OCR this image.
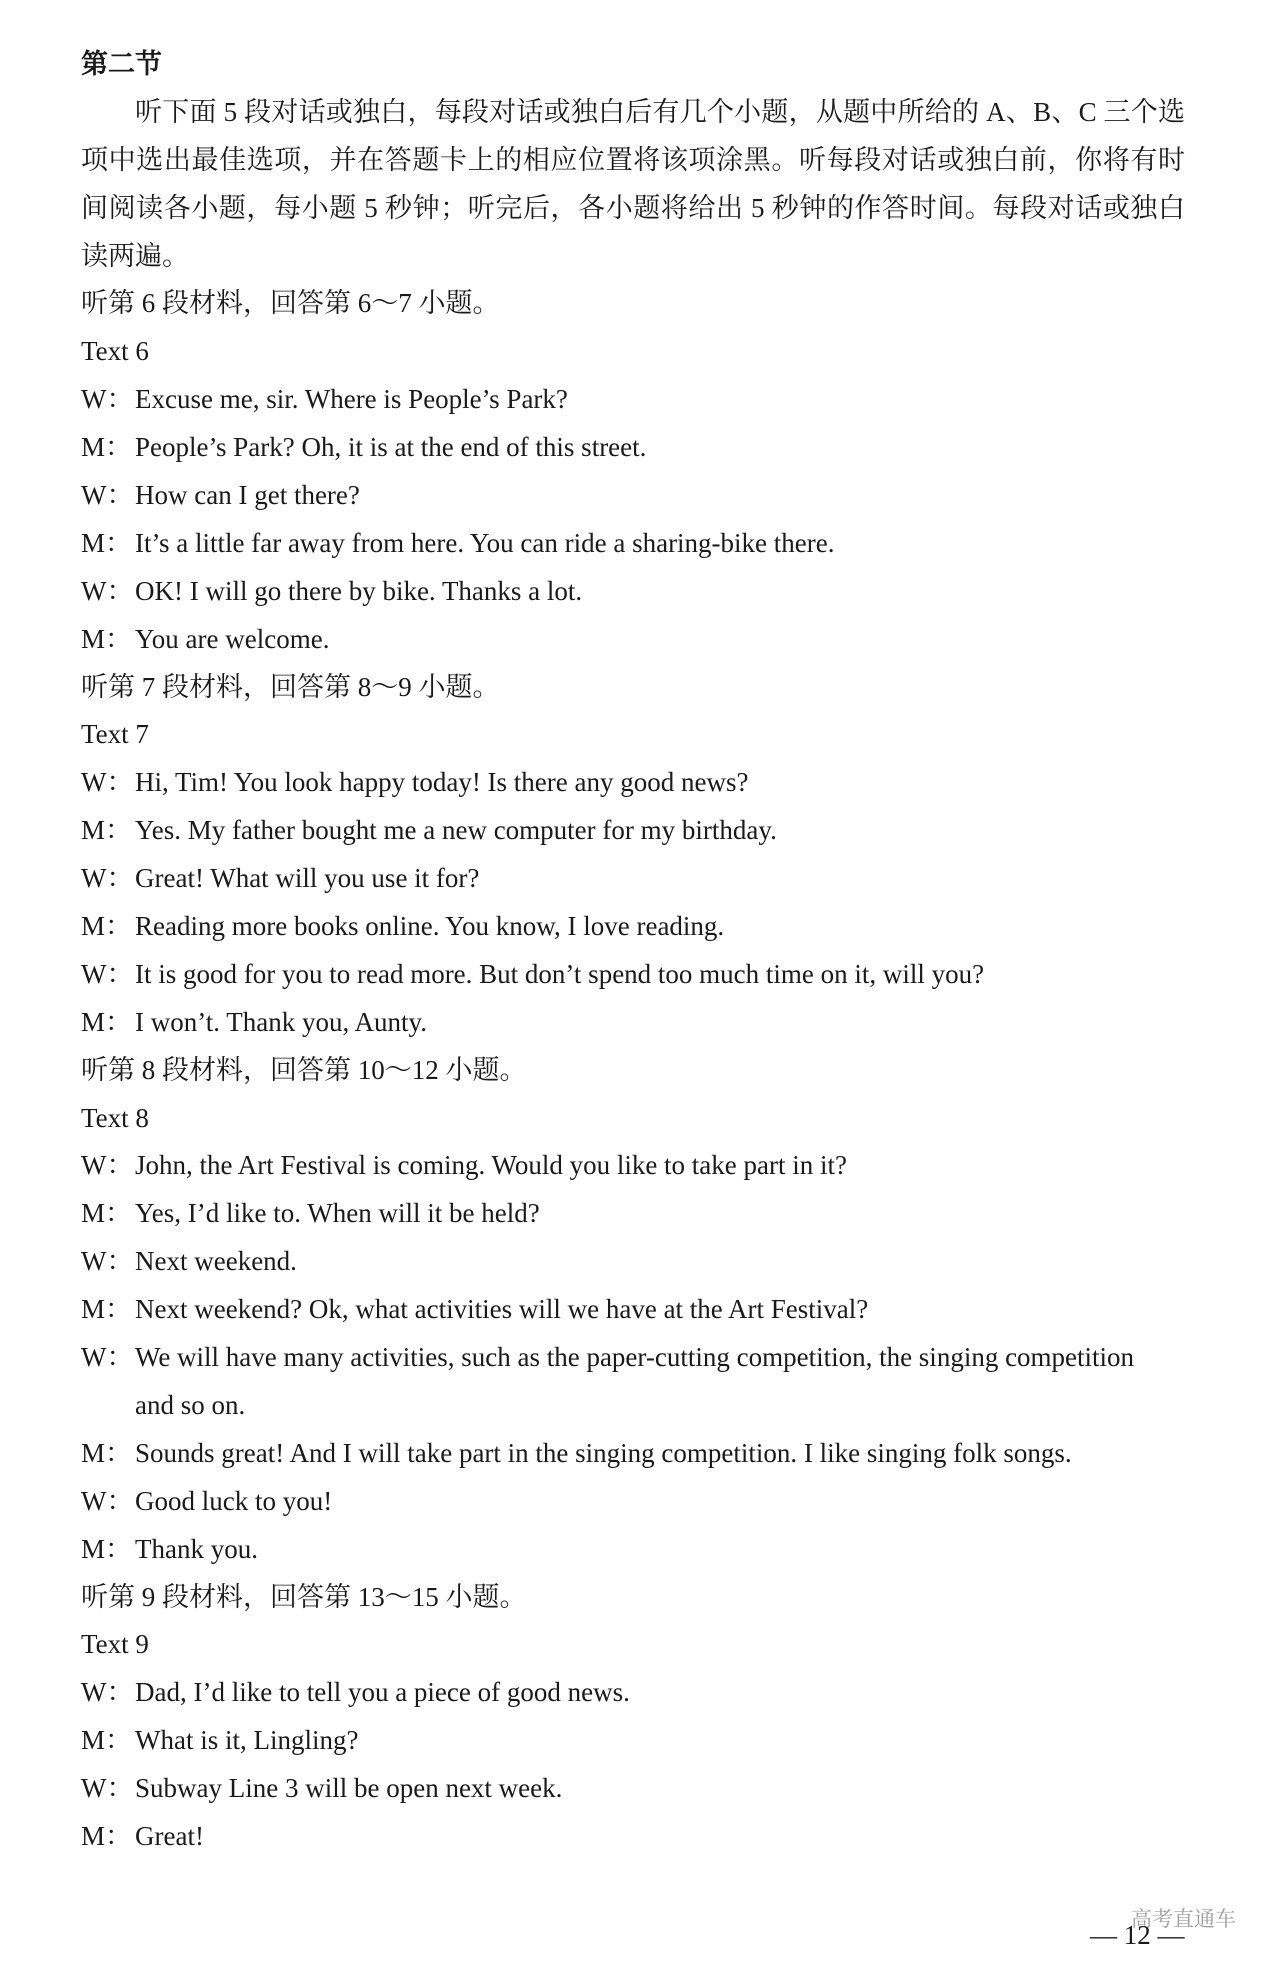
第二节
听下面 5 段对话或独白，每段对话或独白后有几个小题，从题中所给的 A、B、C 三个选
项中选出最佳选项，并在答题卡上的相应位置将该项涂黑。听每段对话或独白前，你将有时
间阅读各小题，每小题 5 秒钟；听完后，各小题将给出 5 秒钟的作答时间。每段对话或独白
读两遍。
听第 6 段材料，回答第 6～7 小题。
Text 6
W：Excuse me, sir. Where is People’s Park?
M： People’s Park? Oh, it is at the end of this street.
W：How can I get there?
M： It’s a little far away from here. You can ride a sharing-bike there.
W：OK! I will go there by bike. Thanks a lot.
M： You are welcome.
听第 7 段材料，回答第 8～9 小题。
Text 7
W：Hi, Tim! You look happy today! Is there any good news?
M： Yes. My father bought me a new computer for my birthday.
W：Great! What will you use it for?
M： Reading more books online. You know, I love reading.
W：It is good for you to read more. But don’t spend too much time on it, will you?
M： I won’t. Thank you, Aunty.
听第 8 段材料，回答第 10～12 小题。
Text 8
W：John, the Art Festival is coming. Would you like to take part in it?
M： Yes, I’d like to. When will it be held?
W：Next weekend.
M： Next weekend? Ok, what activities will we have at the Art Festival?
W：We will have many activities, such as the paper-cutting competition, the singing competition
and so on.
M： Sounds great! And I will take part in the singing competition. I like singing folk songs.
W：Good luck to you!
M： Thank you.
听第 9 段材料，回答第 13～15 小题。
Text 9
W：Dad, I’d like to tell you a piece of good news.
M： What is it, Lingling?
W：Subway Line 3 will be open next week.
M： Great!
— 12 —
高考直通车
